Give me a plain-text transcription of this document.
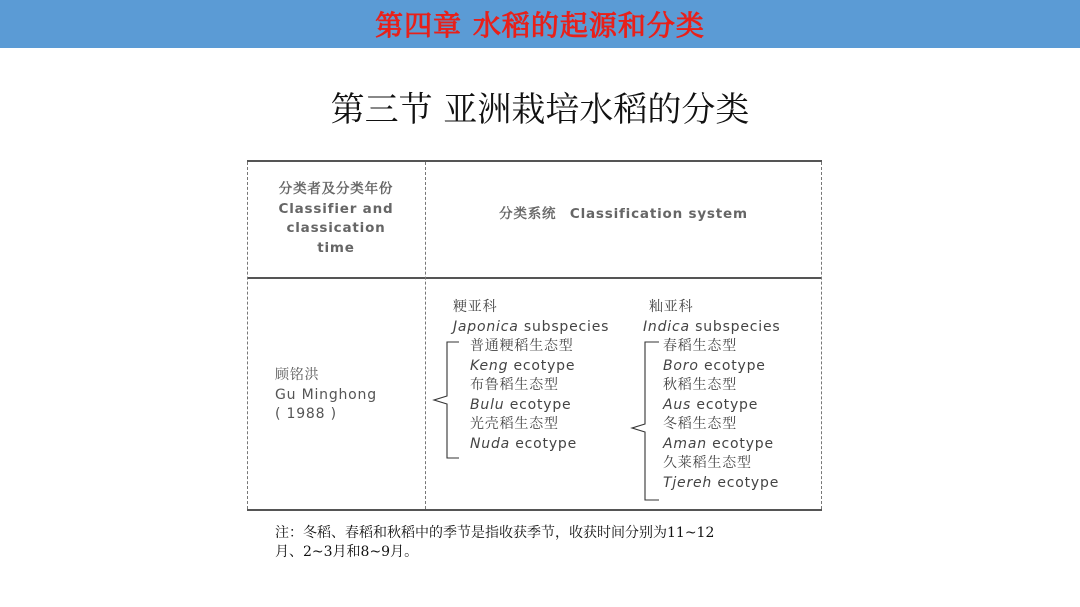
第四章 水稻的起源和分类
第三节 亚洲栽培水稻的分类
分类者及分类年份
Classifier and
classication
time
分类系统 Classification system
顾铭洪
Gu Minghong
( 1988 )
粳亚科
Japonica subspecies
普通粳稻生态型
Keng ecotype
布鲁稻生态型
Bulu ecotype
光壳稻生态型
Nuda ecotype
籼亚科
Indica subspecies
春稻生态型
Boro ecotype
秋稻生态型
Aus ecotype
冬稻生态型
Aman ecotype
久莱稻生态型
Tjereh ecotype
注：冬稻、春稻和秋稻中的季节是指收获季节，收获时间分别为11~12
月、2~3月和8~9月。
